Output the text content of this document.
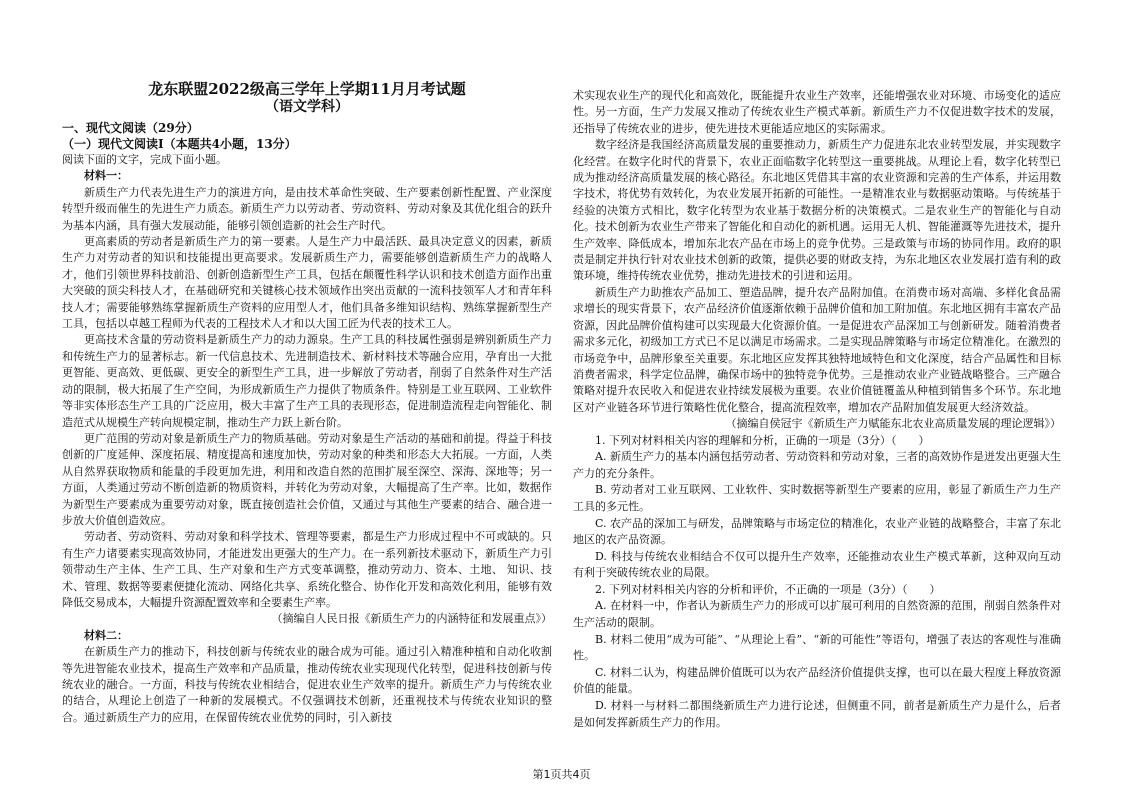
龙东联盟2022级高三学年上学期11月月考试题

（语文学科）

一、现代文阅读（29分）

（一）现代文阅读Ⅰ（本题共4小题，13分）

阅读下面的文字，完成下面小题。

材料一：

新质生产力代表先进生产力的演进方向，是由技术革命性突破、生产要素创新性配置、产业深度转型升级而催生的先进生产力质态。新质生产力以劳动者、劳动资料、劳动对象及其优化组合的跃升为基本内涵，具有强大发展动能，能够引领创造新的社会生产时代。

更高素质的劳动者是新质生产力的第一要素。人是生产力中最活跃、最具决定意义的因素，新质生产力对劳动者的知识和技能提出更高要求。发展新质生产力，需要能够创造新质生产力的战略人才，他们引领世界科技前沿、创新创造新型生产工具，包括在颠覆性科学认识和技术创造方面作出重大突破的顶尖科技人才，在基础研究和关键核心技术领域作出突出贡献的一流科技领军人才和青年科技人才；需要能够熟练掌握新质生产资料的应用型人才，他们具备多维知识结构、熟练掌握新型生产工具，包括以卓越工程师为代表的工程技术人才和以大国工匠为代表的技术工人。

更高技术含量的劳动资料是新质生产力的动力源泉。生产工具的科技属性强弱是辨别新质生产力和传统生产力的显著标志。新一代信息技术、先进制造技术、新材料技术等融合应用，孕育出一大批更智能、更高效、更低碳、更安全的新型生产工具，进一步解放了劳动者，削弱了自然条件对生产活动的限制，极大拓展了生产空间，为形成新质生产力提供了物质条件。特别是工业互联网、工业软件等非实体形态生产工具的广泛应用，极大丰富了生产工具的表现形态，促进制造流程走向智能化、制造范式从规模生产转向规模定制，推动生产力跃上新台阶。

更广范围的劳动对象是新质生产力的物质基础。劳动对象是生产活动的基础和前提。得益于科技创新的广度延伸、深度拓展、精度提高和速度加快，劳动对象的种类和形态大大拓展。一方面，人类从自然界获取物质和能量的手段更加先进，利用和改造自然的范围扩展至深空、深海、深地等；另一方面，人类通过劳动不断创造新的物质资料，并转化为劳动对象，大幅提高了生产率。比如，数据作为新型生产要素成为重要劳动对象，既直接创造社会价值，又通过与其他生产要素的结合、融合进一步放大价值创造效应。

劳动者、劳动资料、劳动对象和科学技术、管理等要素，都是生产力形成过程中不可或缺的。只有生产力诸要素实现高效协同，才能迸发出更强大的生产力。在一系列新技术驱动下，新质生产力引领带动生产主体、生产工具、生产对象和生产方式变革调整，推动劳动力、资本、土地、 知识、技术、管理、数据等要素便捷化流动、网络化共享、系统化整合、协作化开发和高效化利用，能够有效降低交易成本，大幅提升资源配置效率和全要素生产率。

（摘编自人民日报《新质生产力的内涵特征和发展重点》）

材料二：

在新质生产力的推动下，科技创新与传统农业的融合成为可能。通过引入精准种植和自动化收割等先进智能农业技术，提高生产效率和产品质量，推动传统农业实现现代化转型，促进科技创新与传统农业的融合。一方面，科技与传统农业相结合，促进农业生产效率的提升。新质生产力与传统农业的结合，从理论上创造了一种新的发展模式。不仅强调技术创新，还重视技术与传统农业知识的整合。通过新质生产力的应用，在保留传统农业优势的同时，引入新技

术实现农业生产的现代化和高效化，既能提升农业生产效率，还能增强农业对环境、市场变化的适应性。另一方面，生产力发展又推动了传统农业生产模式革新。新质生产力不仅促进数字技术的发展，还指导了传统农业的进步，使先进技术更能适应地区的实际需求。

数字经济是我国经济高质量发展的重要推动力，新质生产力促进东北农业转型发展，并实现数字化经营。在数字化时代的背景下，农业正面临数字化转型这一重要挑战。从理论上看，数字化转型已成为推动经济高质量发展的核心路径。东北地区凭借其丰富的农业资源和完善的生产体系，并运用数字技术，将优势有效转化，为农业发展开拓新的可能性。一是精准农业与数据驱动策略。与传统基于经验的决策方式相比，数字化转型为农业基于数据分析的决策模式。二是农业生产的智能化与自动化。技术创新为农业生产带来了智能化和自动化的新机遇。运用无人机、智能灌溉等先进技术，提升生产效率、降低成本，增加东北农产品在市场上的竞争优势。三是政策与市场的协同作用。政府的职责是制定并执行针对农业技术创新的政策，提供必要的财政支持，为东北地区农业发展打造有利的政策环境，维持传统农业优势，推动先进技术的引进和运用。

新质生产力助推农产品加工、塑造品牌，提升农产品附加值。在消费市场对高端、多样化食品需求增长的现实背景下，农产品经济价值逐渐依赖于品牌价值和加工附加值。东北地区拥有丰富农产品资源，因此品牌价值构建可以实现最大化资源价值。一是促进农产品深加工与创新研发。随着消费者需求多元化，初级加工方式已不足以满足市场需求。二是实现品牌策略与市场定位精准化。在激烈的市场竞争中，品牌形象至关重要。东北地区应发挥其独特地域特色和文化深度，结合产品属性和目标消费者需求，科学定位品牌，确保市场中的独特竞争优势。三是推动农业产业链战略整合。三产融合策略对提升农民收入和促进农业持续发展极为重要。农业价值链覆盖从种植到销售多个环节。东北地区对产业链各环节进行策略性优化整合，提高流程效率，增加农产品附加值发展更大经济效益。

（摘编自侯冠宇《新质生产力赋能东北农业高质量发展的理论逻辑》）

1. 下列对材料相关内容的理解和分析，正确的一项是（3分）（　　）

A. 新质生产力的基本内涵包括劳动者、劳动资料和劳动对象，三者的高效协作是迸发出更强大生产力的充分条件。

B. 劳动者对工业互联网、工业软件、实时数据等新型生产要素的应用，彰显了新质生产力生产工具的多元性。

C. 农产品的深加工与研发，品牌策略与市场定位的精准化，农业产业链的战略整合，丰富了东北地区的农产品资源。

D. 科技与传统农业相结合不仅可以提升生产效率，还能推动农业生产模式革新，这种双向互动有利于突破传统农业的局限。

2. 下列对材料相关内容的分析和评价，不正确的一项是（3分）（　　）

A. 在材料一中，作者认为新质生产力的形成可以扩展可利用的自然资源的范围，削弱自然条件对生产活动的限制。

B. 材料二使用“成为可能”、“从理论上看”、“新的可能性”等语句，增强了表达的客观性与准确性。

C. 材料二认为，构建品牌价值既可以为农产品经济价值提供支撑，也可以在最大程度上释放资源价值的能量。

D. 材料一与材料二都围绕新质生产力进行论述，但侧重不同，前者是新质生产力是什么，后者是如何发挥新质生产力的作用。

第1页共4页
